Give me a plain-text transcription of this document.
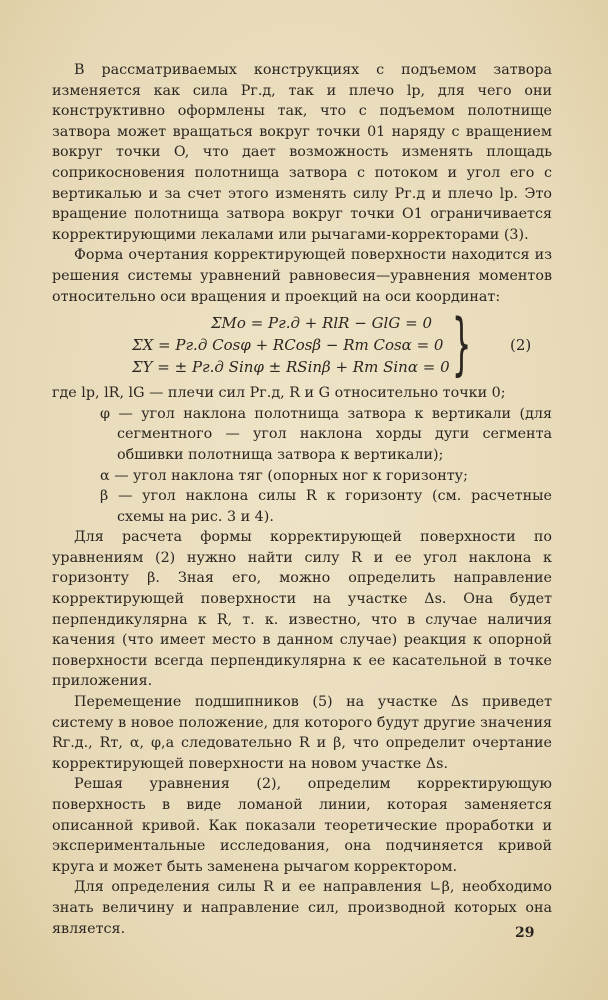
В рассматриваемых конструкциях с подъемом затвора изменяется как сила Pг.д, так и плечо lр, для чего они конструктивно оформлены так, что с подъемом полотнище затвора может вращаться вокруг точки 01 наряду с вращением вокруг точки O, что дает возможность изменять площадь соприкосновения полотнища затвора с потоком и угол его с вертикалью и за счет этого изменять силу Pг.д и плечо lр. Это вращение полотнища затвора вокруг точки O1 ограничивается корректирующими лекалами или рычагами-корректорами (3).

Форма очертания корректирующей поверхности находится из решения системы уравнений равновесия—уравнения моментов относительно оси вращения и проекций на оси координат:

ΣMo = Pг.д + RlR − GlG = 0
ΣX = Pг.д Cosφ + RCosβ − Rт Cosα = 0
ΣY = ± Pг.д Sinφ ± RSinβ + Rт Sinα = 0 }	(2)

где lр, lR, lG — плечи сил Pг.д, R и G относительно точки 0;

φ — угол наклона полотнища затвора к вертикали (для сегментного — угол наклона хорды дуги сегмента обшивки полотнища затвора к вертикали);

α — угол наклона тяг (опорных ног к горизонту;

β — угол наклона силы R к горизонту (см. расчетные схемы на рис. 3 и 4).

Для расчета формы корректирующей поверхности по уравнениям (2) нужно найти силу R и ее угол наклона к горизонту β. Зная его, можно определить направление корректирующей поверхности на участке Δs. Она будет перпендикулярна к R, т. к. известно, что в случае наличия качения (что имеет место в данном случае) реакция к опорной поверхности всегда перпендикулярна к ее касательной в точке приложения.

Перемещение подшипников (5) на участке Δs приведет систему в новое положение, для которого будут другие значения Rг.д., Rт, α, φ,а следовательно R и β, что определит очертание корректирующей поверхности на новом участке Δs.

Решая уравнения (2), определим корректирующую поверхность в виде ломаной линии, которая заменяется описанной кривой. Как показали теоретические проработки и экспериментальные исследования, она подчиняется кривой круга и может быть заменена рычагом корректором.

Для определения силы R и ее направления ∟β, необходимо знать величину и направление сил, производной которых она является.	29
